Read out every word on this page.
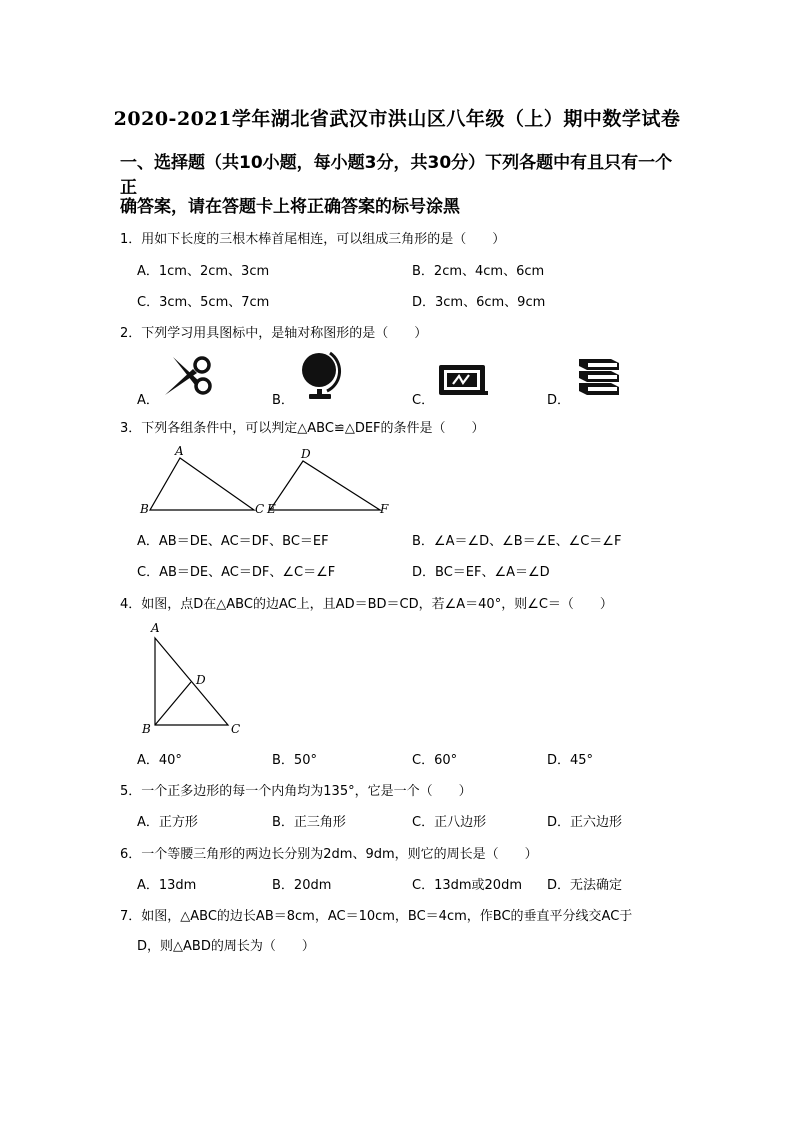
2020-2021学年湖北省武汉市洪山区八年级（上）期中数学试卷
一、选择题（共10小题，每小题3分，共30分）下列各题中有且只有一个正
确答案，请在答题卡上将正确答案的标号涂黑
1．用如下长度的三根木棒首尾相连，可以组成三角形的是（　　）
A．1cm、2cm、3cm	B．2cm、4cm、6cm
C．3cm、5cm、7cm	D．3cm、6cm、9cm
2．下列学习用具图标中，是轴对称图形的是（　　）
A．	B．	C．	D．
3．下列各组条件中，可以判定△ABC≌△DEF的条件是（　　）
A
B	C
D
E	F
A．AB＝DE、AC＝DF、BC＝EF	B．∠A＝∠D、∠B＝∠E、∠C＝∠F
C．AB＝DE、AC＝DF、∠C＝∠F	D．BC＝EF、∠A＝∠D
4．如图，点D在△ABC的边AC上，且AD＝BD＝CD，若∠A＝40°，则∠C＝（　　）
A
D
B	C
A．40°	B．50°	C．60°	D．45°
5．一个正多边形的每一个内角均为135°，它是一个（　　）
A．正方形	B．正三角形	C．正八边形	D．正六边形
6．一个等腰三角形的两边长分别为2dm、9dm，则它的周长是（　　）
A．13dm	B．20dm	C．13dm或20dm D．无法确定
7．如图，△ABC的边长AB＝8cm，AC＝10cm，BC＝4cm，作BC的垂直平分线交AC于
D，则△ABD的周长为（　　）
